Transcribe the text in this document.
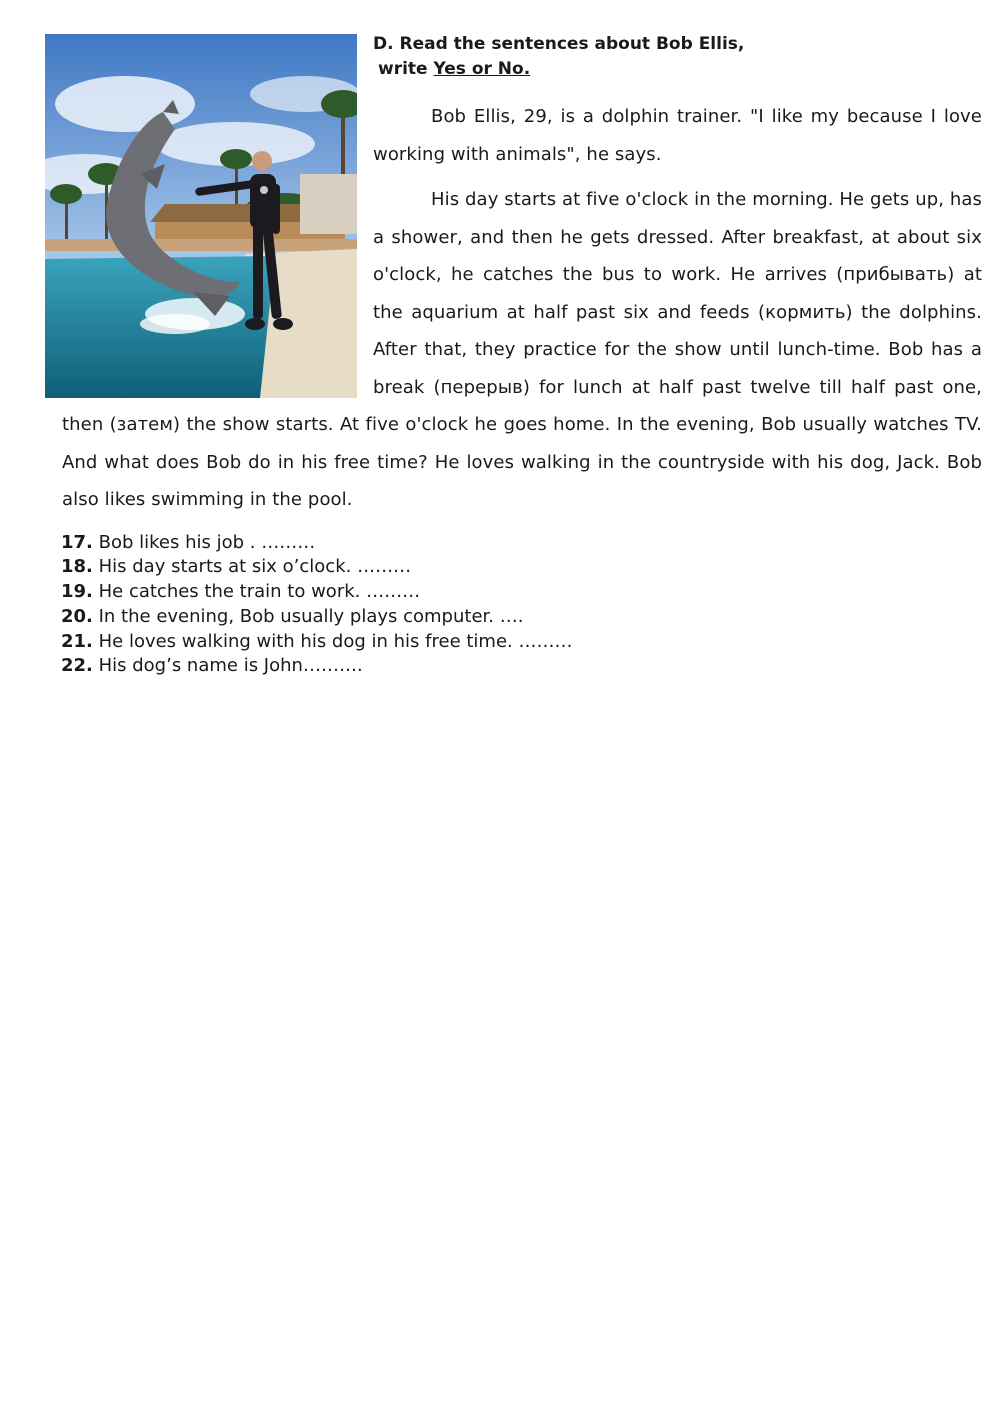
D. Read the sentences about Bob Ellis,
write Yes or No.

Bob Ellis, 29, is a dolphin trainer. "I like my because I love working with animals", he says.

His day starts at five o'clock in the morning. He gets up, has a shower, and then he gets dressed. After breakfast, at about six o'clock, he catches the bus to work. He arrives (прибывать) at the aquarium at half past six and feeds (кормить) the dolphins. After that, they practice for the show until lunch-time. Bob has a break (перерыв) for lunch at half past twelve till half past one, then (затем) the show starts. At five o'clock he goes home. In the evening, Bob usually watches TV. And what does Bob do in his free time? He loves walking in the countryside with his dog, Jack. Bob also likes swimming in the pool.

17. Bob likes his job . ………
18. His day starts at six o’clock. ………
19. He catches the train to work. ………
20. In the evening, Bob usually plays computer. ….
21. He loves walking with his dog in his free time. ………
22. His dog’s name is John……….
